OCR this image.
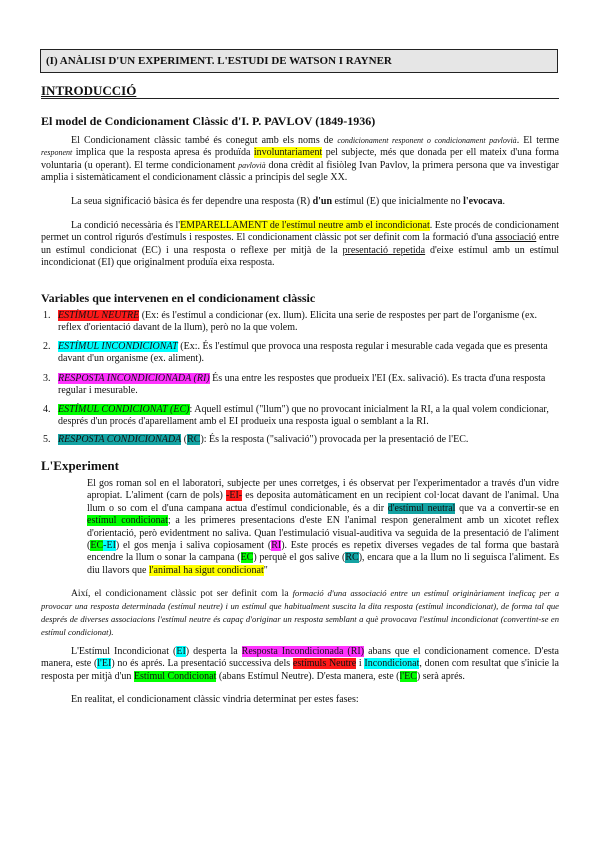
(I) ANÀLISI D'UN EXPERIMENT. L'ESTUDI DE WATSON I RAYNER
INTRODUCCIÓ
El model de Condicionament Clàssic d'I. P. PAVLOV (1849-1936)
El Condicionament clàssic també és conegut amb els noms de condicionament responent o condicionament pavlovià. El terme responent implica que la resposta apresa és produïda involuntariament pel subjecte, més que donada per ell mateix d'una forma voluntaria (u operant). El terme condicionament pavlovià dona crèdit al fisiòleg Ivan Pavlov, la primera persona que va investigar amplia i sistemàticament el condicionament clàssic a principis del segle XX.
La seua significació bàsica és fer dependre una resposta (R) d'un estímul (E) que inicialmente no l'evocava.
La condició necessària és l'EMPARELLAMENT de l'estímul neutre amb el incondicionat. Este procés de condicionament permet un control rigurós d'estímuls i respostes. El condicionament clàssic pot ser definit com la formació d'una associació entre un estímul condicionat (EC) i una resposta o reflexe per mitjà de la presentació repetida d'eixe estímul amb un estímul incondicionat (EI) que originalment produïa eixa resposta.
Variables que intervenen en el condicionament clàssic
1. ESTÍMUL NEUTRE (Ex: és l'estímul a condicionar (ex. llum). Elicita una serie de respostes per part de l'organisme (ex. reflex d'orientació davant de la llum), però no la que volem.
2. ESTÍMUL INCONDICIONAT (Ex:. És l'estímul que provoca una resposta regular i mesurable cada vegada que es presenta davant d'un organisme (ex. aliment).
3. RESPOSTA INCONDICIONADA (RI) És una entre les respostes que produeix l'EI (Ex. salivació). Es tracta d'una resposta regular i mesurable.
4. ESTÍMUL CONDICIONAT (EC): Aquell estímul ("llum") que no provocant inicialment la RI, a la qual volem condicionar, després d'un procés d'aparellament amb el EI produeix una resposta igual o semblant a la RI.
5. RESPOSTA CONDICIONADA (RC): És la resposta ("salivació") provocada per la presentació de l'EC.
L'Experiment
El gos roman sol en el laboratori, subjecte per unes corretges, i és observat per l'experimentador a través d'un vidre apropiat. L'aliment (carn de pols) -EI- es deposita automàticament en un recipient col·locat davant de l'animal. Una llum o so com el d'una campana actua d'estímul condicionable, és a dir d'estímul neutral que va a convertir-se en estímul condicionat; a les primeres presentacions d'este EN l'animal respon generalment amb un xicotet reflex d'orientació, però evidentment no saliva. Quan l'estimulació visual-auditiva va seguida de la presentació de l'aliment (EC-EI) el gos menja i saliva copiosament (RI). Este procés es repetix diverses vegades de tal forma que bastarà encendre la llum o sonar la campana (EC) perquè el gos salive (RC), encara que a la llum no li seguisca l'aliment. Es diu llavors que l'animal ha sigut condicionat"
Així, el condicionament clàssic pot ser definit com la formació d'una associació entre un estímul originàriament ineficaç per a provocar una resposta determinada (estímul neutre) i un estímul que habitualment suscita la dita resposta (estímul incondicionat), de forma tal que després de diverses associacions l'estímul neutre és capaç d'originar un resposta semblant a què provocava l'estímul incondicionat (convertint-se en estímul condicionat).
L'Estímul Incondicionat (EI) desperta la Resposta Incondicionada (RI) abans que el condicionament comence. D'esta manera, este (l'EI) no és aprés. La presentació successiva dels estímuls Neutre i Incondicionat, donen com resultat que s'inicie la resposta per mitjà d'un Estímul Condicionat (abans Estímul Neutre). D'esta manera, este (l'EC) serà aprés.
En realitat, el condicionament clàssic vindria determinat per estes fases:
